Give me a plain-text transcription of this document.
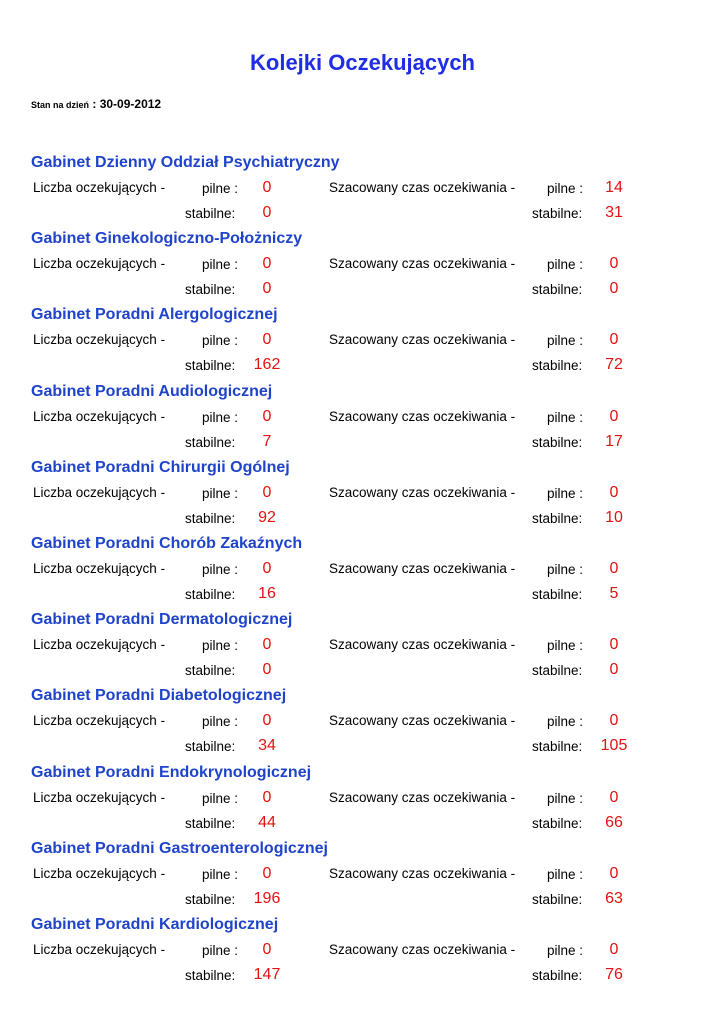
Kolejki Oczekujących
Stan na dzień : 30-09-2012
Gabinet Dzienny Oddział Psychiatryczny
Liczba oczekujących -	pilne :	0	Szacowany czas oczekiwania - pilne :	14
stabilne:	0	stabilne:	31
Gabinet Ginekologiczno-Położniczy
Liczba oczekujących -	pilne :	0	Szacowany czas oczekiwania - pilne :	0
stabilne:	0	stabilne:	0
Gabinet Poradni Alergologicznej
Liczba oczekujących -	pilne :	0	Szacowany czas oczekiwania - pilne :	0
stabilne:	162	stabilne:	72
Gabinet Poradni Audiologicznej
Liczba oczekujących -	pilne :	0	Szacowany czas oczekiwania - pilne :	0
stabilne:	7	stabilne:	17
Gabinet Poradni Chirurgii Ogólnej
Liczba oczekujących -	pilne :	0	Szacowany czas oczekiwania - pilne :	0
stabilne:	92	stabilne:	10
Gabinet Poradni Chorób Zakaźnych
Liczba oczekujących -	pilne :	0	Szacowany czas oczekiwania - pilne :	0
stabilne:	16	stabilne:	5
Gabinet Poradni Dermatologicznej
Liczba oczekujących -	pilne :	0	Szacowany czas oczekiwania - pilne :	0
stabilne:	0	stabilne:	0
Gabinet Poradni Diabetologicznej
Liczba oczekujących -	pilne :	0	Szacowany czas oczekiwania - pilne :	0
stabilne:	34	stabilne:	105
Gabinet Poradni Endokrynologicznej
Liczba oczekujących -	pilne :	0	Szacowany czas oczekiwania - pilne :	0
stabilne:	44	stabilne:	66
Gabinet Poradni Gastroenterologicznej
Liczba oczekujących -	pilne :	0	Szacowany czas oczekiwania - pilne :	0
stabilne:	196	stabilne:	63
Gabinet Poradni Kardiologicznej
Liczba oczekujących -	pilne :	0	Szacowany czas oczekiwania - pilne :	0
stabilne:	147	stabilne:	76
